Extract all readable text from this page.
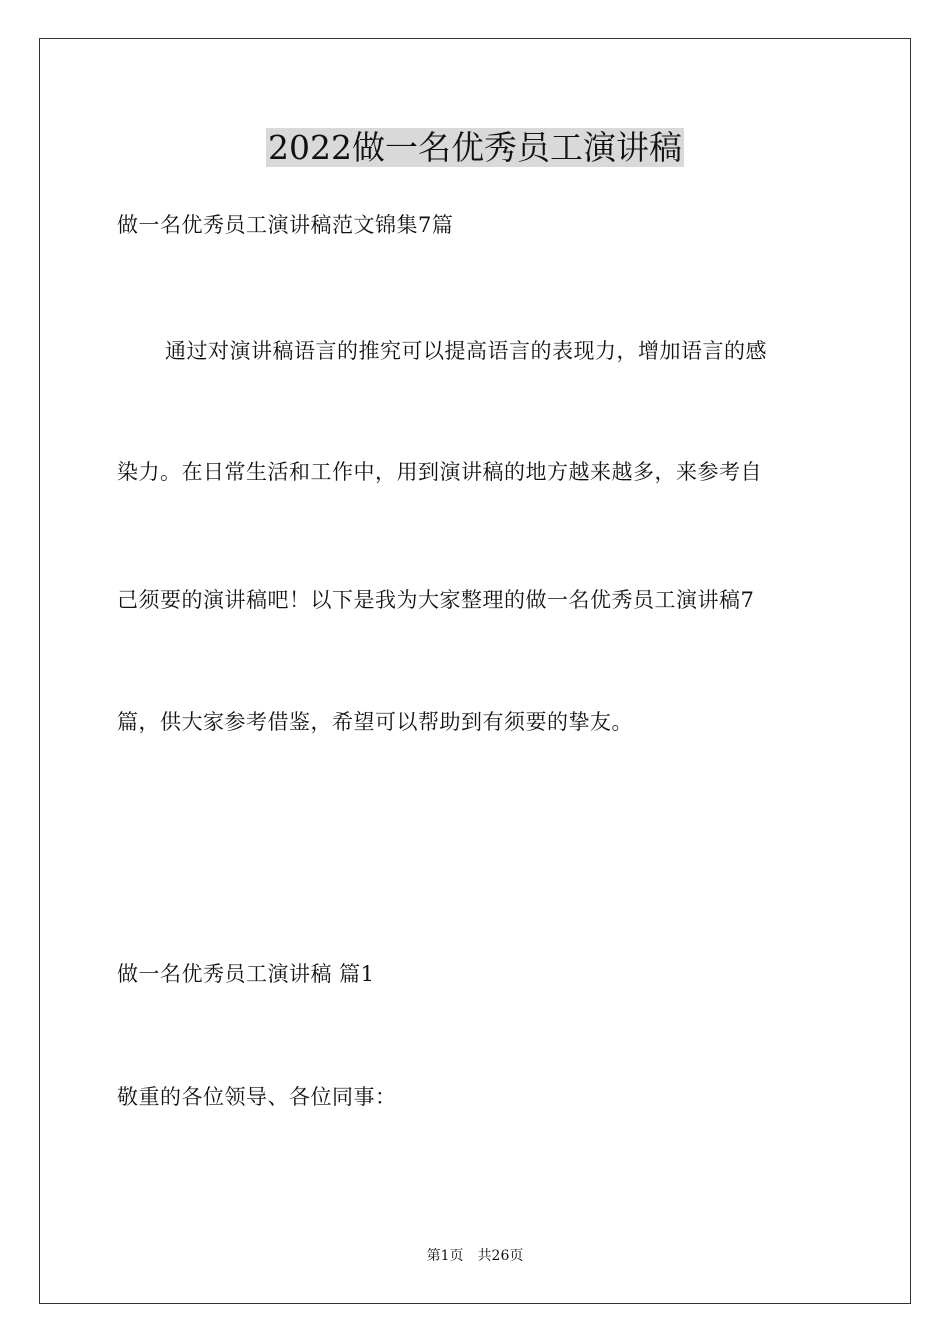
2022做一名优秀员工演讲稿
做一名优秀员工演讲稿范文锦集7篇
通过对演讲稿语言的推究可以提高语言的表现力，增加语言的感
染力。在日常生活和工作中，用到演讲稿的地方越来越多，来参考自
己须要的演讲稿吧！以下是我为大家整理的做一名优秀员工演讲稿7
篇，供大家参考借鉴，希望可以帮助到有须要的挚友。
做一名优秀员工演讲稿 篇1
敬重的各位领导、各位同事：
第1页　共26页
